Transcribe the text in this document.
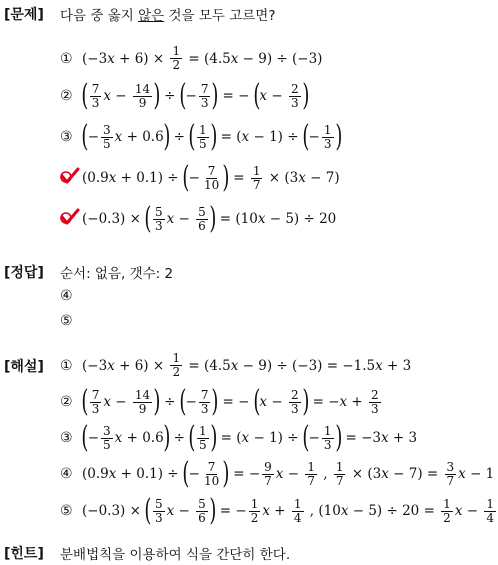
[문제] 다음 중 옳지 않은 것을 모두 고르면?
① (−3 x + 6) × 1
2 = (4.5 x − 9) ÷ (−3)
② ( 7
3 x − 14
9 ) ÷ ( − 7
3 ) = − ( x − 2
3 )
③ ( − 3
5 x + 0.6 ) ÷ ( 1
5 ) = ( x − 1) ÷ ( − 1
3 )
(0.9 x + 0.1) ÷ ( − 7
10 ) = 1
7 × (3 x − 7)
(−0.3) × ( 5
3 x − 5
6 ) = (10 x − 5) ÷ 20
[정답] 순서: 없음, 갯수: 2
④
⑤
[해설] ① (−3 x + 6) × 1
2 = (4.5 x − 9) ÷ (−3) = −1.5 x + 3
② ( 7
3 x − 14
9 ) ÷ ( − 7
3 ) = − ( x − 2
3 ) = − x + 2
3
③ ( − 3
5 x + 0.6 ) ÷ ( 1
5 ) = ( x − 1) ÷ ( − 1
3 ) = −3 x + 3
④ (0.9 x + 0.1) ÷ ( − 7
10 ) = − 9
7 x − 1
7 , 1
7 × (3 x − 7) = 3
7 x − 1
⑤ (−0.3) × ( 5
3 x − 5
6 ) = − 1
2 x + 1
4 , (10 x − 5) ÷ 20 = 1
2 x − 1
4
[힌트] 분배법칙을 이용하여 식을 간단히 한다.
